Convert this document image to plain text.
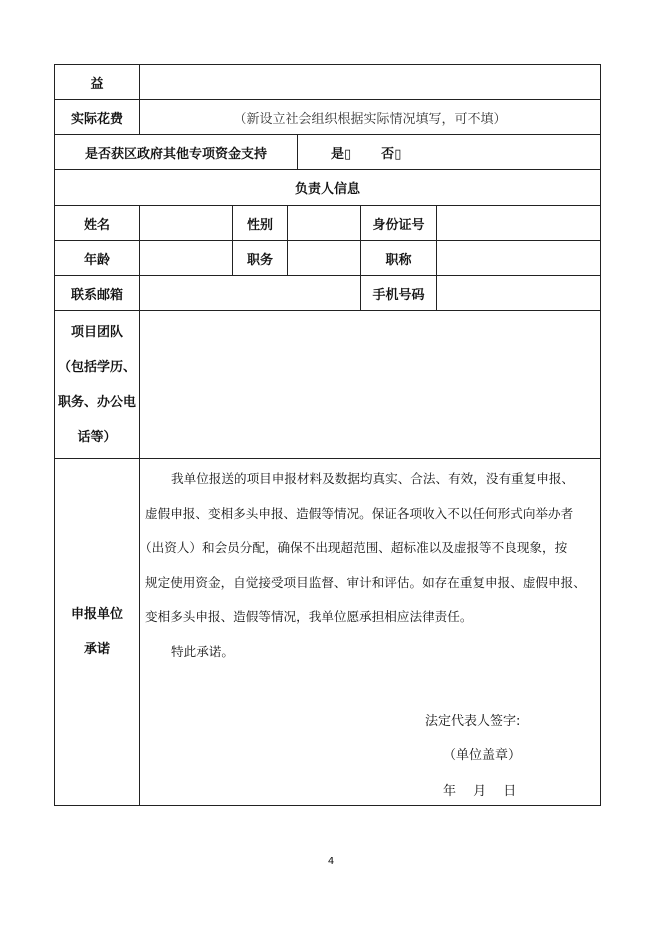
益
实际花费	（新设立社会组织根据实际情况填写，可不填）
是否获区政府其他专项资金支持	是▯ 否▯
负责人信息
姓名	性别	身份证号
年龄	职务	职称
联系邮箱	手机号码
项目团队
（包括学历、
职务、办公电
话等）
申报单位
承诺
我单位报送的项目申报材料及数据均真实、合法、有效，没有重复申报、
虚假申报、变相多头申报、造假等情况。保证各项收入不以任何形式向举办者
（出资人）和会员分配，确保不出现超范围、超标准以及虚报等不良现象，按
规定使用资金，自觉接受项目监督、审计和评估。如存在重复申报、虚假申报、
变相多头申报、造假等情况，我单位愿承担相应法律责任。
特此承诺。
法定代表人签字:
（单位盖章）
年　 月　 日
4
